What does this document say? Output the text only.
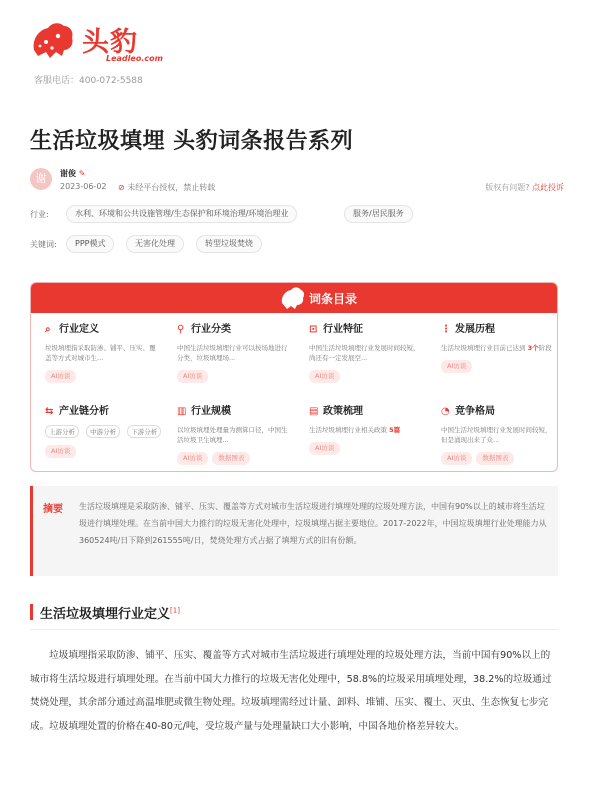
头豹
Leadleo.com
客服电话：400-072-5588
生活垃圾填埋 头豹词条报告系列
谢	谢俊 ✎
2023-06-02 ⊘ 未经平台授权，禁止转载	版权有问题? 点此投诉
行业:	水利、环境和公共设施管理/生态保护和环境治理/环境治理业	服务/居民服务
关键词:	PPP模式	无害化处理	转型垃圾焚烧
词条目录
⌕ 行业定义
垃圾填埋指采取防渗、铺平、压实、覆盖等方式对城市生...
AI访谈
⚲ 行业分类
中国生活垃圾填埋行业可以按场地进行分类，垃圾填埋场...
AI访谈
⊡ 行业特征
中国生活垃圾填埋行业发展时间较短，尚还有一定发展空...
AI访谈
⋮ 发展历程
生活垃圾填埋行业目前已达到 3个阶段
AI访谈
⇆ 产业链分析
上游分析 中游分析 下游分析
AI访谈
▥ 行业规模
以垃圾填埋处理量为测算口径，中国生活垃圾卫生填埋...
AI访谈 数据图表
▤ 政策梳理
生活垃圾填埋行业相关政策 5篇
AI访谈
◔ 竞争格局
中国生活垃圾填埋行业发展时间较短，但是涌现出来了众...
AI访谈 数据图表
摘要 生活垃圾填埋是采取防渗、铺平、压实、覆盖等方式对城市生活垃圾进行填埋处理的垃圾处理方法，中国有90%以上的城市将生活垃圾进行填埋处理。在当前中国大力推行的垃圾无害化处理中，垃圾填埋占据主要地位。2017-2022年，中国垃圾填埋行业处理能力从360524吨/日下降到261555吨/日，焚烧处理方式占据了填埋方式的旧有份额。
生活垃圾填埋行业定义[1]
垃圾填埋指采取防渗、铺平、压实、覆盖等方式对城市生活垃圾进行填埋处理的垃圾处理方法，当前中国有90%以上的城市将生活垃圾进行填埋处理。在当前中国大力推行的垃圾无害化处理中，58.8%的垃圾采用填埋处理，38.2%的垃圾通过焚烧处理，其余部分通过高温堆肥或微生物处理。垃圾填埋需经过计量、卸料、堆铺、压实、覆土、灭虫、生态恢复七步完成。垃圾填埋处置的价格在40-80元/吨，受垃圾产量与处理量缺口大小影响，中国各地价格差异较大。
